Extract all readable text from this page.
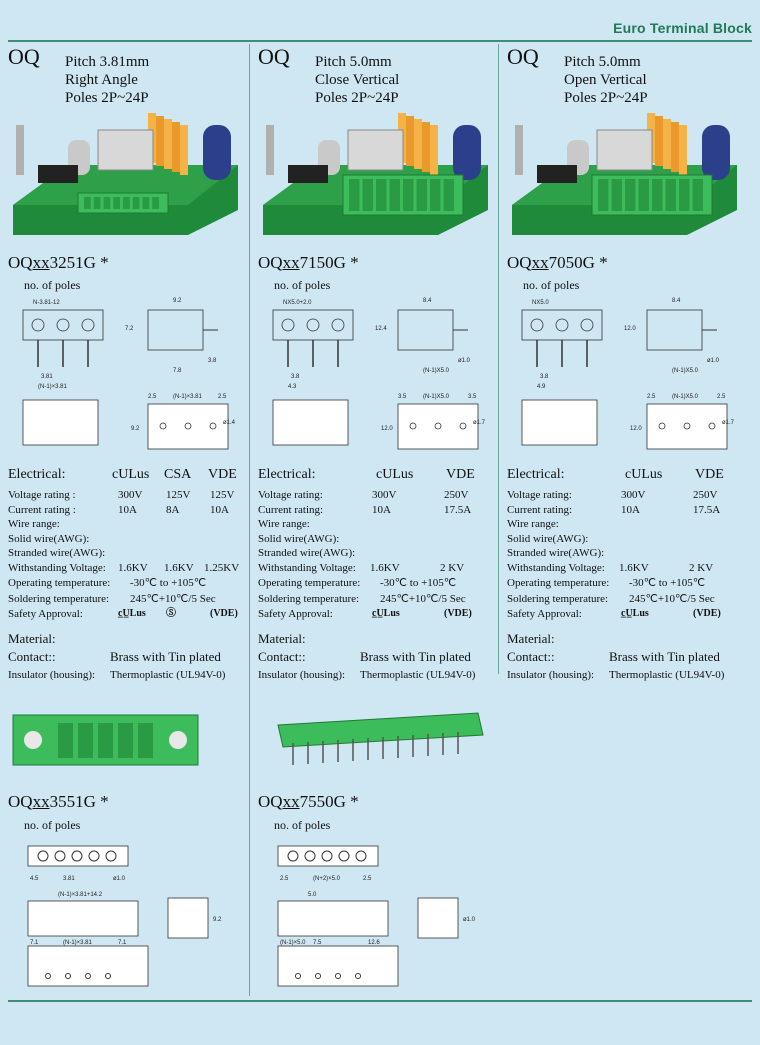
Euro Terminal Block
OQ Pitch 3.81mm
Right Angle
Poles 2P~24P
OQxx3251G *
no. of poles
N-3.81-12
3.81
(N-1)×3.81
9.2
7.2
7.8
3.8
2.5	(N-1)×3.81	2.5
ø1.4
9.2
Electrical:	cULus CSA VDE
Voltage rating :	300V 125V 125V
Current rating :	10A	8A	10A
Wire range:
Solid wire(AWG):
Stranded wire(AWG):
Withstanding Voltage: 1.6KV 1.6KV 1.25KV
Operating temperature: -30℃ to +105℃
Soldering temperature: 245℃+10℃/5 Sec
Safety Approval:	c̲U̲Lus Ⓢ	(VDE)
Material:
Contact::	Brass with Tin plated
Insulator (housing): Thermoplastic (UL94V-0)
OQ Pitch 5.0mm
Close Vertical
Poles 2P~24P
OQxx7150G *
no. of poles
NX5.0+2.0
3.8
4.3
8.4
12.4
(N-1)X5.0
ø1.0
3.5	(N-1)X5.0	3.5
ø1.7
12.0
Electrical:	cULus VDE
Voltage rating:	300V	250V
Current rating:	10A	17.5A
Wire range:
Solid wire(AWG):
Stranded wire(AWG):
Withstanding Voltage: 1.6KV	2 KV
Operating temperature: -30℃ to +105℃
Soldering temperature: 245℃+10℃/5 Sec
Safety Approval:	c̲U̲Lus	(VDE)
Material:
Contact::	Brass with Tin plated
Insulator (housing): Thermoplastic (UL94V-0)
OQ Pitch 5.0mm
Open Vertical
Poles 2P~24P
OQxx7050G *
no. of poles
NX5.0
3.8
4.9
8.4
12.0
(N-1)X5.0
ø1.0
2.5	(N-1)X5.0	2.5
ø1.7
12.0
Electrical:	cULus VDE
Voltage rating:	300V	250V
Current rating:	10A	17.5A
Wire range:
Solid wire(AWG):
Stranded wire(AWG):
Withstanding Voltage: 1.6KV	2 KV
Operating temperature: -30℃ to +105℃
Soldering temperature: 245℃+10℃/5 Sec
Safety Approval:	c̲U̲Lus	(VDE)
Material:
Contact::	Brass with Tin plated
Insulator (housing): Thermoplastic (UL94V-0)
OQxx3551G *
no. of poles
4.5	3.81	ø1.0
(N-1)×3.81+14.2
9.2
7.1	(N-1)×3.81	7.1
OQxx7550G *
no. of poles
2.5	(N+2)×5.0	2.5
5.0
ø1.0
(N-1)×5.0 7.5	12.6
